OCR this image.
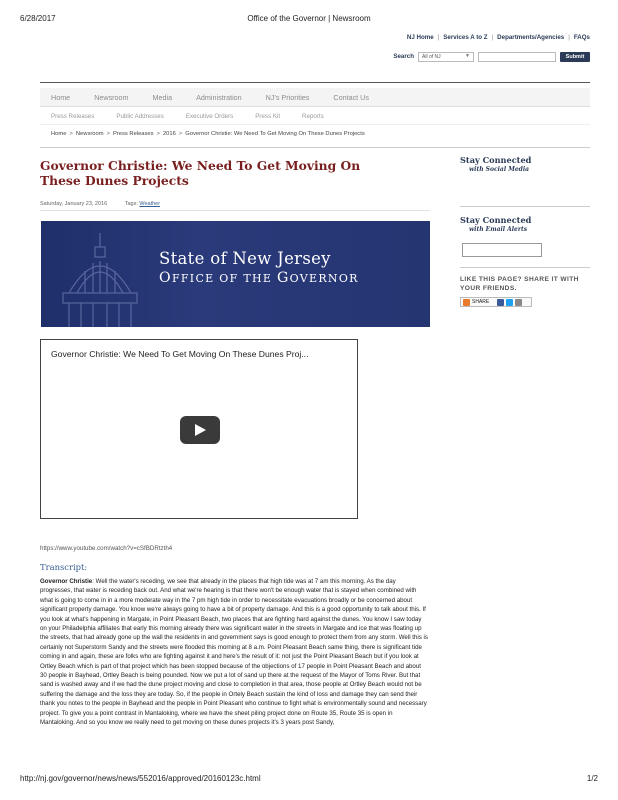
6/28/2017	Office of the Governor | Newsroom
NJ Home | Services A to Z | Departments/Agencies | FAQs
Search	All of NJ	▼	Submit
Home	Newsroom	Media	Administration	NJ's Priorities	Contact Us
Press Releases	Public Addresses	Executive Orders	Press Kit	Reports
Home > Newsroom > Press Releases > 2016 > Governor Christie: We Need To Get Moving On These Dunes Projects
Governor Christie: We Need To Get Moving On These Dunes Projects
Saturday, January 23, 2016	Tags: Weather
State of New Jersey
OFFICE OF THE GOVERNOR
Governor Christie: We Need To Get Moving On These Dunes Proj...
https://www.youtube.com/watch?v=cSfBDRtzth4
Transcript:

Governor Christie: Well the water's receding, we see that already in the places that high tide was at 7 am this morning. As the day progresses, that water is receding back out. And what we're hearing is that there won't be enough water that is stayed when combined with what is going to come in in a more moderate way in the 7 pm high tide in order to necessitate evacuations broadly or be concerned about significant property damage. You know we're always going to have a bit of property damage. And this is a good opportunity to talk about this. If you look at what's happening in Margate, in Point Pleasant Beach, two places that are fighting hard against the dunes. You know I saw today on your Philadelphia affiliates that early this morning already there was significant water in the streets in Margate and ice that was floating up the streets, that had already gone up the wall the residents in and government says is good enough to protect them from any storm. Well this is certainly not Superstorm Sandy and the streets were flooded this morning at 8 a.m. Point Pleasant Beach same thing, there is significant tide coming in and again, these are folks who are fighting against it and here's the result of it: not just the Point Pleasant Beach but if you look at Ortley Beach which is part of that project which has been stopped because of the objections of 17 people in Point Pleasant Beach and about 30 people in Bayhead, Ortley Beach is being pounded. Now we put a lot of sand up there at the request of the Mayor of Toms River. But that sand is washed away and if we had the dune project moving and close to completion in that area, those people at Ortley Beach would not be suffering the damage and the loss they are today. So, if the people in Ortely Beach sustain the kind of loss and damage they can send their thank you notes to the people in Bayhead and the people in Point Pleasant who continue to fight what is environmentally sound and necessary project. To give you a point contrast in Mantaloking, where we have the sheet piling project done on Route 35, Route 35 is open in Mantaloking. And so you know we really need to get moving on these dunes projects it's 3 years post Sandy,

Stay Connected
with Social Media
Stay Connected
with Email Alerts
LIKE THIS PAGE? SHARE IT WITH YOUR FRIENDS.
SHARE
http://nj.gov/governor/news/news/552016/approved/20160123c.html	1/2
